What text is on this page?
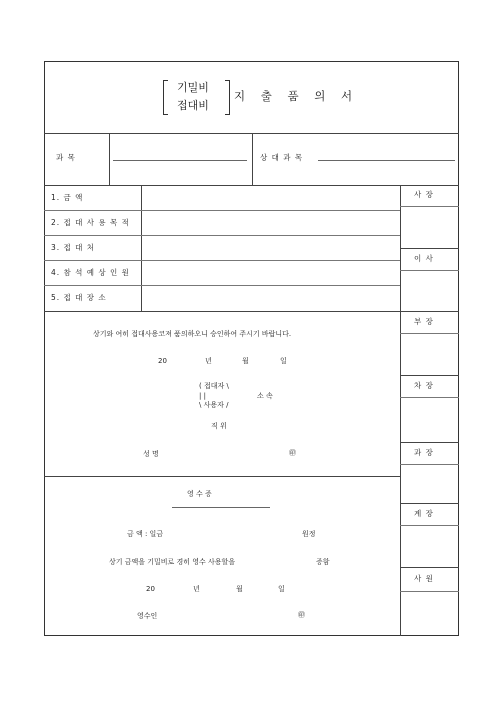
기밀비
접대비
지 출 품 의 서
과 목	상 대 과 목
사 장
이 사
부 장
차 장
과 장
계 장
사 원
1. 금 액
2. 접 대 사 용 목 적
3. 접 대 처
4. 참 석 예 상 인 원
5. 접 대 장 소
상기와 여히 접대사용코져 품의하오니 승인하여 주시기 바랍니다.
20	년	월	일
( 접대자 \
| |
\ 사용자 /
소 속
직 위
성 명	㊞
영 수 증
금 액 : 일금	원정
상기 금액을 기밀비로 경히 영수 사용할을	증함
20	년	월	일
영수인	㊞
